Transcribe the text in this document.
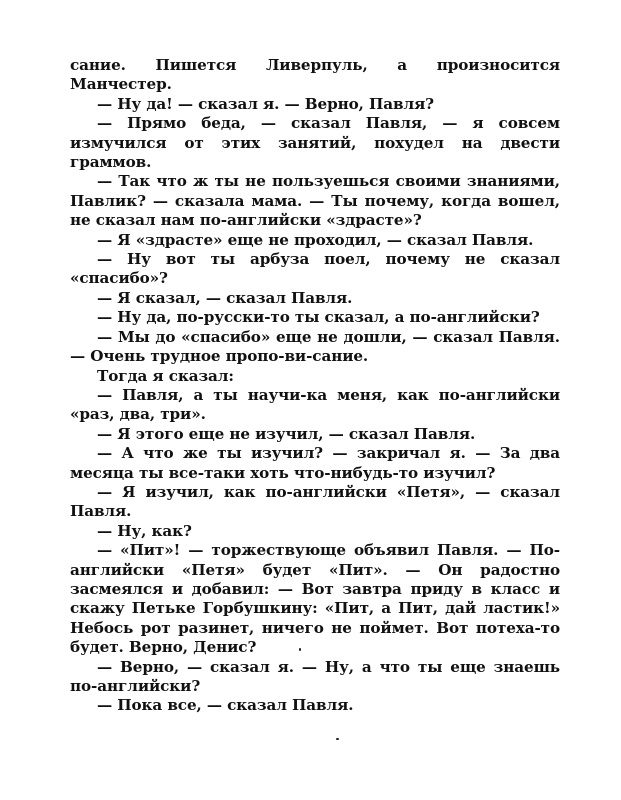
сание. Пишется Ливерпуль, а произносится Манчестер.

— Ну да! — сказал я. — Верно, Павля?

— Прямо беда, — сказал Павля, — я совсем измучился от этих занятий, похудел на двести граммов.

— Так что ж ты не пользуешься своими знаниями, Павлик? — сказала мама. — Ты почему, когда вошел, не сказал нам по-английски «здрасте»?

— Я «здрасте» еще не проходил, — сказал Павля.

— Ну вот ты арбуза поел, почему не сказал «спасибо»?

— Я сказал, — сказал Павля.

— Ну да, по-русски-то ты сказал, а по-английски?

— Мы до «спасибо» еще не дошли, — сказал Павля. — Очень трудное пропо-ви-сание.

Тогда я сказал:

— Павля, а ты научи-ка меня, как по-английски «раз, два, три».

— Я этого еще не изучил, — сказал Павля.

— А что же ты изучил? — закричал я. — За два месяца ты все-таки хоть что-нибудь-то изучил?

— Я изучил, как по-английски «Петя», — сказал Павля.

— Ну, как?

— «Пит»! — торжествующе объявил Павля. — По-английски «Петя» будет «Пит». — Он радостно засмеялся и добавил: — Вот завтра приду в класс и скажу Петьке Горбушкину: «Пит, а Пит, дай ластик!» Небось рот разинет, ничего не поймет. Вот потеха-то будет. Верно, Денис?

— Верно, — сказал я. — Ну, а что ты еще знаешь по-английски?

— Пока все, — сказал Павля.
